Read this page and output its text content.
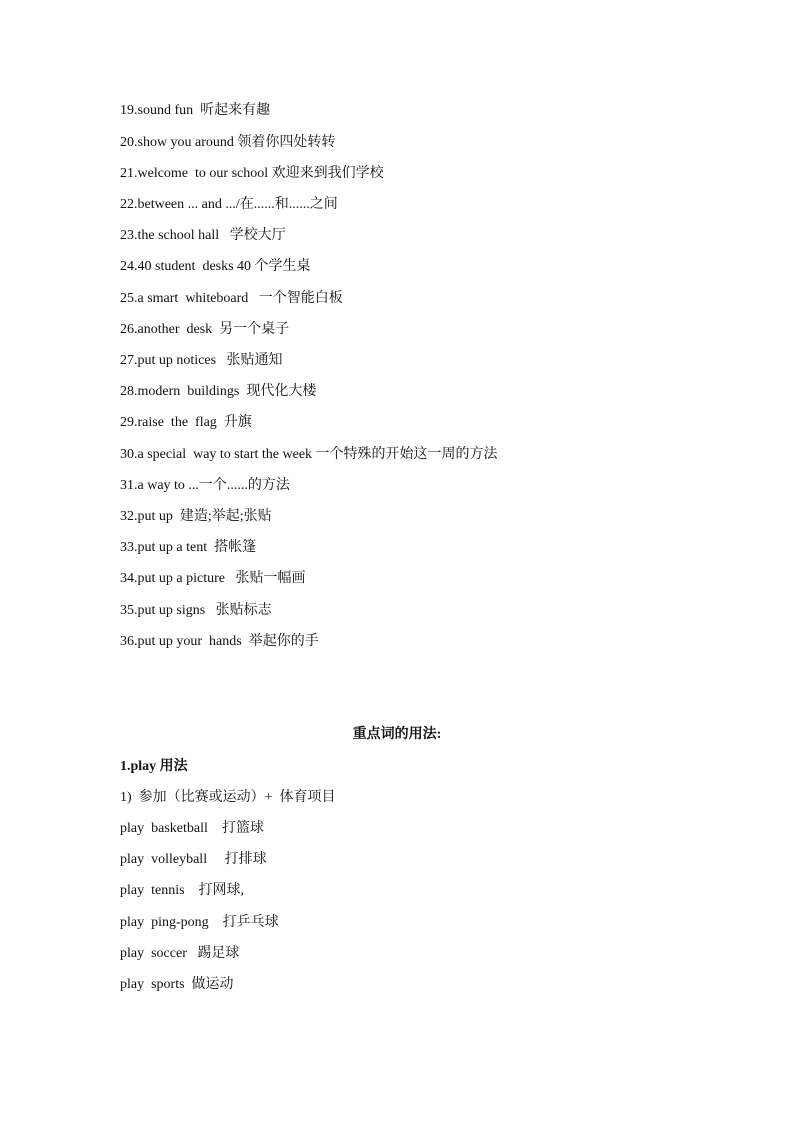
19.sound fun  听起来有趣
20.show you around 领着你四处转转
21.welcome  to our school 欢迎来到我们学校
22.between ... and .../在......和......之间
23.the school hall   学校大厅
24.40 student  desks 40 个学生桌
25.a smart  whiteboard   一个智能白板
26.another  desk  另一个桌子
27.put up notices   张贴通知
28.modern  buildings  现代化大楼
29.raise  the  flag  升旗
30.a special  way to start the week 一个特殊的开始这一周的方法
31.a way to ...一个......的方法
32.put up  建造;举起;张贴
33.put up a tent  搭帐篷
34.put up a picture   张贴一幅画
35.put up signs   张贴标志
36.put up your  hands  举起你的手
重点词的用法:
1.play 用法
1)  参加（比赛或运动）+  体育项目
play  basketball    打篮球
play  volleyball     打排球
play  tennis    打网球,
play  ping-pong    打乒乓球
play  soccer   踢足球
play  sports  做运动
